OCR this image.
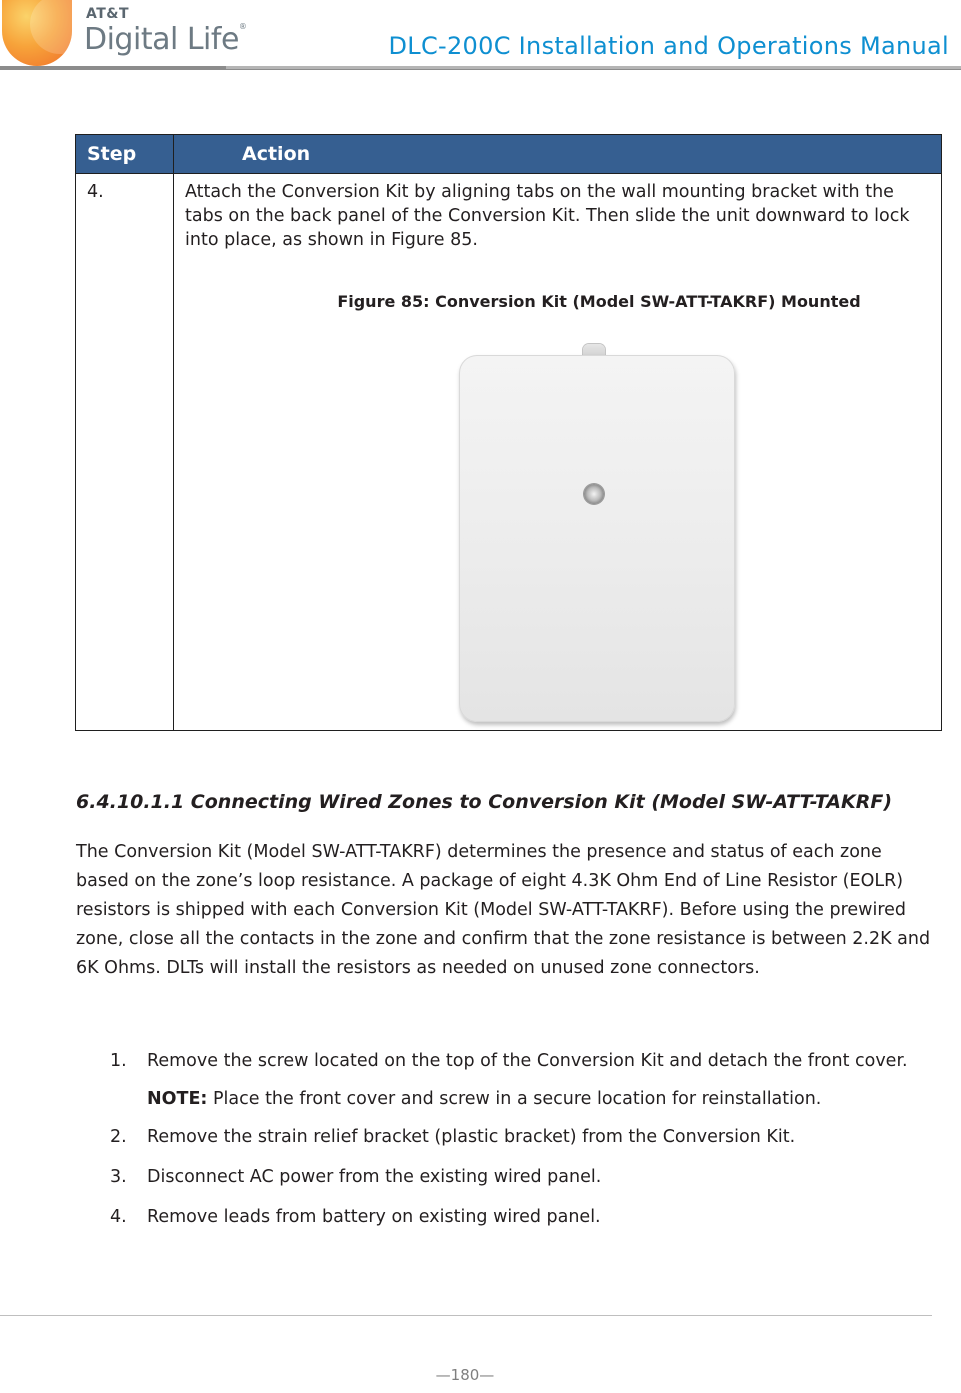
AT&T
Digital Life®
DLC-200C Installation and Operations Manual
Step	Action
4.	Attach the Conversion Kit by aligning tabs on the wall mounting bracket with the tabs on the back panel of the Conversion Kit. Then slide the unit downward to lock into place, as shown in Figure 85.

Figure 85: Conversion Kit (Model SW-ATT-TAKRF) Mounted

6.4.10.1.1 Connecting Wired Zones to Conversion Kit (Model SW-ATT-TAKRF)

The Conversion Kit (Model SW-ATT-TAKRF) determines the presence and status of each zone based on the zone’s loop resistance. A package of eight 4.3K Ohm End of Line Resistor (EOLR) resistors is shipped with each Conversion Kit (Model SW-ATT-TAKRF). Before using the prewired zone, close all the contacts in the zone and confirm that the zone resistance is between 2.2K and 6K Ohms. DLTs will install the resistors as needed on unused zone connectors.

1. Remove the screw located on the top of the Conversion Kit and detach the front cover.
NOTE: Place the front cover and screw in a secure location for reinstallation.
2. Remove the strain relief bracket (plastic bracket) from the Conversion Kit.
3. Disconnect AC power from the existing wired panel.
4. Remove leads from battery on existing wired panel.
—180—
